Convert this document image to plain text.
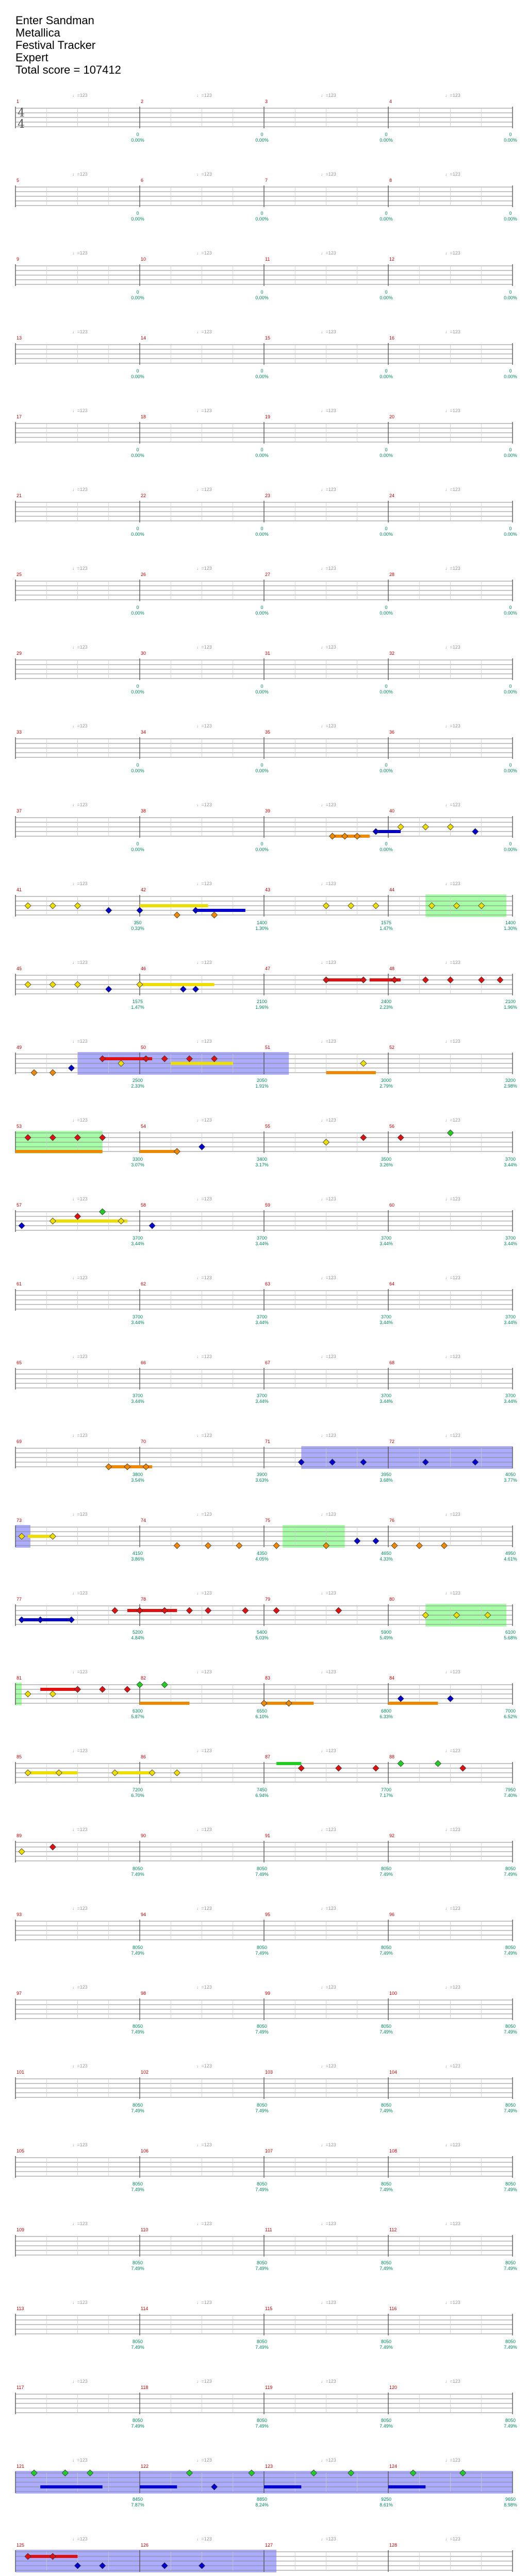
Enter Sandman
Metallica
Festival Tracker
Expert
Total score = 107412
4
4
1
♩=123
0
0.00%
2
♩=123
0
0.00%
3
♩=123
0
0.00%
4
♩=123
0
0.00%
5
♩=123
0
0.00%
6
♩=123
0
0.00%
7
♩=123
0
0.00%
8
♩=123
0
0.00%
9
♩=123
0
0.00%
10
♩=123
0
0.00%
11
♩=123
0
0.00%
12
♩=123
0
0.00%
13
♩=123
0
0.00%
14
♩=123
0
0.00%
15
♩=123
0
0.00%
16
♩=123
0
0.00%
17
♩=123
0
0.00%
18
♩=123
0
0.00%
19
♩=123
0
0.00%
20
♩=123
0
0.00%
21
♩=123
0
0.00%
22
♩=123
0
0.00%
23
♩=123
0
0.00%
24
♩=123
0
0.00%
25
♩=123
0
0.00%
26
♩=123
0
0.00%
27
♩=123
0
0.00%
28
♩=123
0
0.00%
29
♩=123
0
0.00%
30
♩=123
0
0.00%
31
♩=123
0
0.00%
32
♩=123
0
0.00%
33
♩=123
0
0.00%
34
♩=123
0
0.00%
35
♩=123
0
0.00%
36
♩=123
0
0.00%
37
♩=123
0
0.00%
38
♩=123
0
0.00%
39
♩=123
0
0.00%
40
♩=123
0
0.00%
41
♩=123
350
0.33%
42
♩=123
1400
1.30%
43
♩=123
1575
1.47%
44
♩=123
1400
1.30%
45
♩=123
1575
1.47%
46
♩=123
2100
1.96%
47
♩=123
2400
2.23%
48
♩=123
2100
1.96%
49
♩=123
2500
2.33%
50
♩=123
2050
1.91%
51
♩=123
3000
2.79%
52
♩=123
3200
2.98%
53
♩=123
3300
3.07%
54
♩=123
3400
3.17%
55
♩=123
3500
3.26%
56
♩=123
3700
3.44%
57
♩=123
3700
3.44%
58
♩=123
3700
3.44%
59
♩=123
3700
3.44%
60
♩=123
3700
3.44%
61
♩=123
3700
3.44%
62
♩=123
3700
3.44%
63
♩=123
3700
3.44%
64
♩=123
3700
3.44%
65
♩=123
3700
3.44%
66
♩=123
3700
3.44%
67
♩=123
3700
3.44%
68
♩=123
3700
3.44%
69
♩=123
3800
3.54%
70
♩=123
3900
3.63%
71
♩=123
3950
3.68%
72
♩=123
4050
3.77%
73
♩=123
4150
3.86%
74
♩=123
4350
4.05%
75
♩=123
4650
4.33%
76
♩=123
4950
4.61%
77
♩=123
5200
4.84%
78
♩=123
5400
5.03%
79
♩=123
5900
5.49%
80
♩=123
6100
5.68%
81
♩=123
6300
5.87%
82
♩=123
6550
6.10%
83
♩=123
6800
6.33%
84
♩=123
7000
6.52%
85
♩=123
7200
6.70%
86
♩=123
7450
6.94%
87
♩=123
7700
7.17%
88
♩=123
7950
7.40%
89
♩=123
8050
7.49%
90
♩=123
8050
7.49%
91
♩=123
8050
7.49%
92
♩=123
8050
7.49%
93
♩=123
8050
7.49%
94
♩=123
8050
7.49%
95
♩=123
8050
7.49%
96
♩=123
8050
7.49%
97
♩=123
8050
7.49%
98
♩=123
8050
7.49%
99
♩=123
8050
7.49%
100
♩=123
8050
7.49%
101
♩=123
8050
7.49%
102
♩=123
8050
7.49%
103
♩=123
8050
7.49%
104
♩=123
8050
7.49%
105
♩=123
8050
7.49%
106
♩=123
8050
7.49%
107
♩=123
8050
7.49%
108
♩=123
8050
7.49%
109
♩=123
8050
7.49%
110
♩=123
8050
7.49%
111
♩=123
8050
7.49%
112
♩=123
8050
7.49%
113
♩=123
8050
7.49%
114
♩=123
8050
7.49%
115
♩=123
8050
7.49%
116
♩=123
8050
7.49%
117
♩=123
8050
7.49%
118
♩=123
8050
7.49%
119
♩=123
8050
7.49%
120
♩=123
8050
7.49%
121
♩=123
8450
7.87%
122
♩=123
8850
8.24%
123
♩=123
9250
8.61%
124
♩=123
9650
8.98%
125
♩=123
126
♩=123
127
♩=123
128
♩=123
